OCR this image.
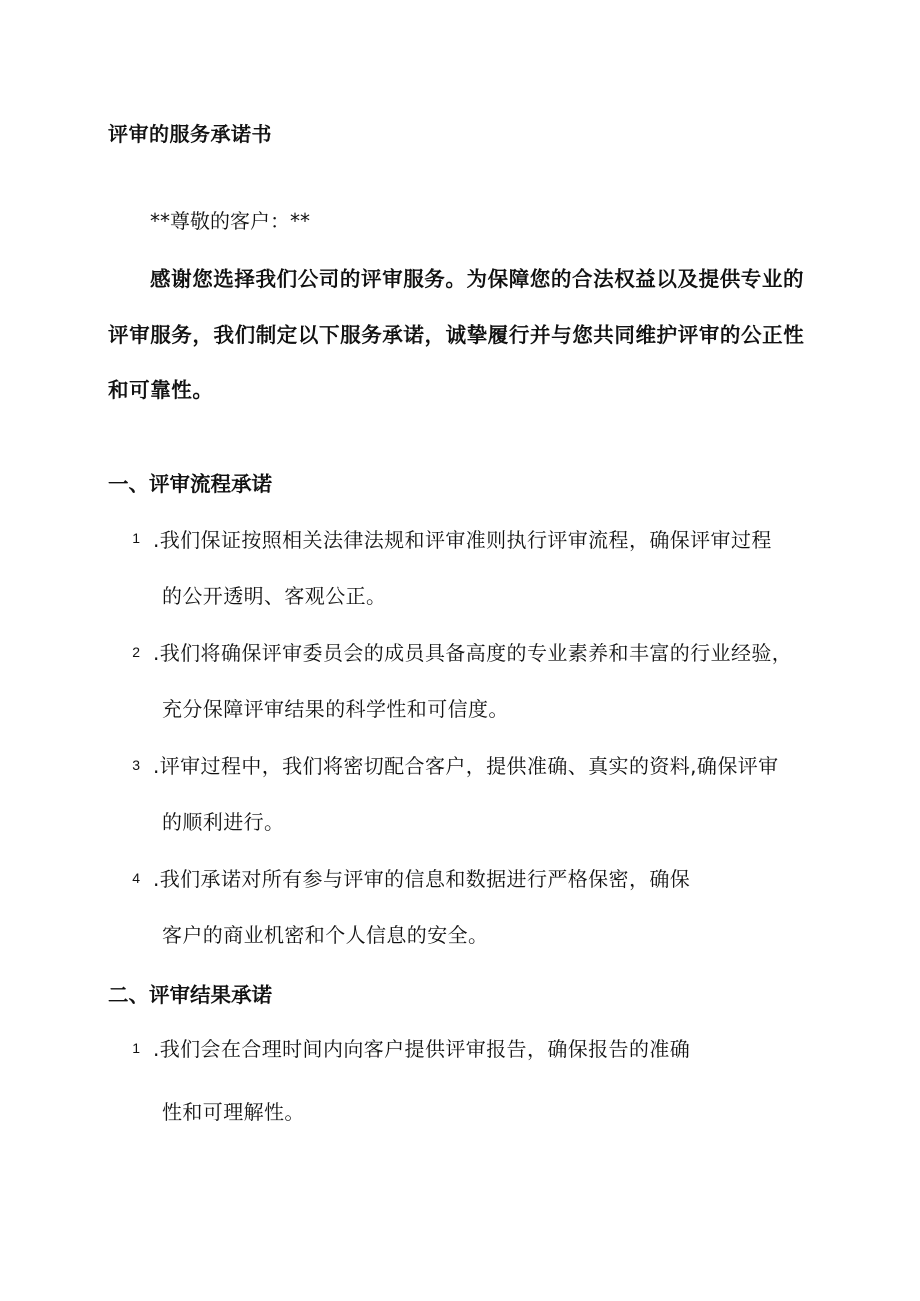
评审的服务承诺书
**尊敬的客户：**
感谢您选择我们公司的评审服务。为保障您的合法权益以及提供专业的
评审服务，我们制定以下服务承诺，诚挚履行并与您共同维护评审的公正性
和可靠性。
一、评审流程承诺
1 .我们保证按照相关法律法规和评审准则执行评审流程，确保评审过程
的公开透明、客观公正。
2 .我们将确保评审委员会的成员具备高度的专业素养和丰富的行业经验，
充分保障评审结果的科学性和可信度。
3 .评审过程中，我们将密切配合客户，提供准确、真实的资料,确保评审
的顺利进行。
4 .我们承诺对所有参与评审的信息和数据进行严格保密，确保
客户的商业机密和个人信息的安全。
二、评审结果承诺
1 .我们会在合理时间内向客户提供评审报告，确保报告的准确
性和可理解性。
